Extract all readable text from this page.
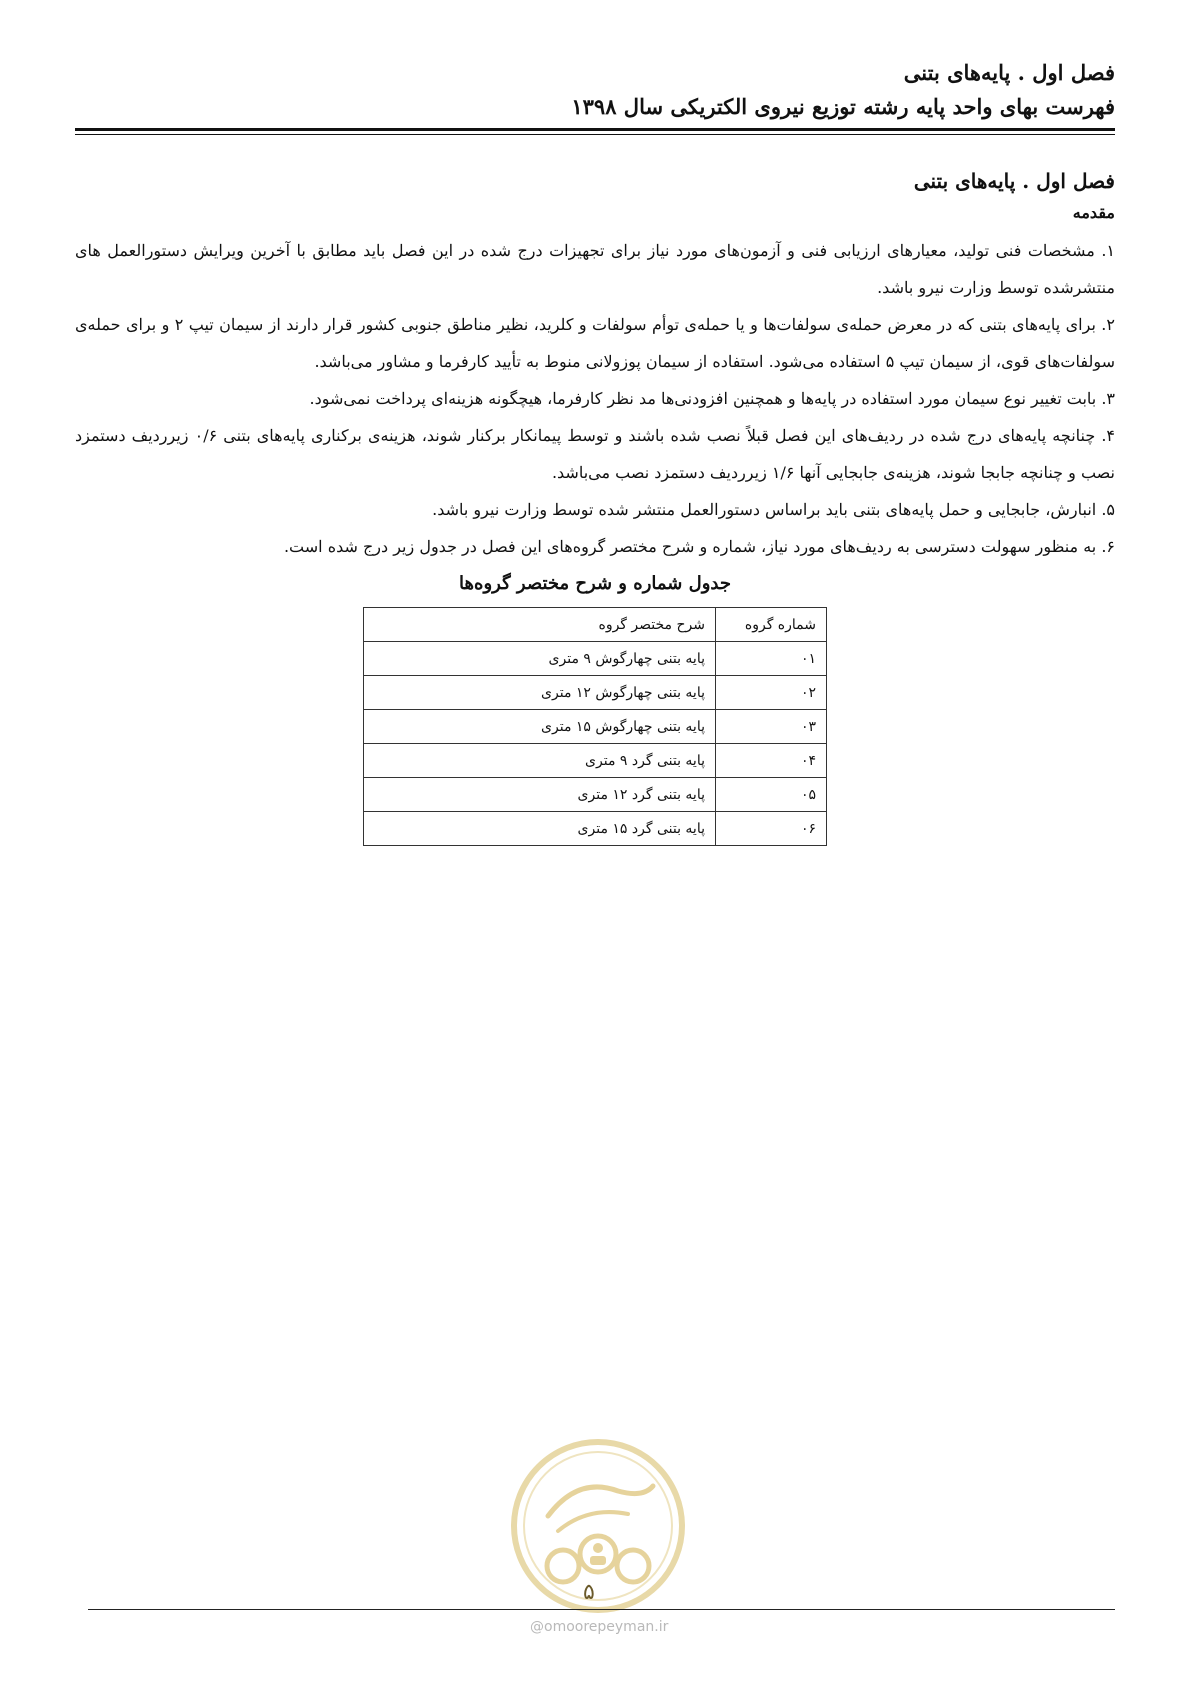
فصل اول . پایه‌های بتنی
فهرست بهای واحد پایه رشته توزیع نیروی الکتریکی سال ۱۳۹۸

فصل اول . پایه‌های بتنی

مقدمه

۱. مشخصات فنی تولید، معیارهای ارزیابی فنی و آزمون‌های مورد نیاز برای تجهیزات درج شده در این فصل باید مطابق با آخرین ویرایش دستورالعمل های منتشرشده توسط وزارت نیرو باشد.

۲. برای پایه‌های بتنی که در معرض حمله‌ی سولفات‌ها و یا حمله‌ی توأم سولفات و کلرید، نظیر مناطق جنوبی کشور قرار دارند از سیمان تیپ ۲ و برای حمله‌ی سولفات‌های قوی، از سیمان تیپ ۵ استفاده می‌شود. استفاده از سیمان پوزولانی منوط به تأیید کارفرما و مشاور می‌باشد.

۳. بابت تغییر نوع سیمان مورد استفاده در پایه‌ها و همچنین افزودنی‌ها مد نظر کارفرما، هیچگونه هزینه‌ای پرداخت نمی‌شود.

۴. چنانچه پایه‌های درج شده در ردیف‌های این فصل قبلاً نصب شده باشند و توسط پیمانکار برکنار شوند، هزینه‌ی برکناری پایه‌های بتنی ۰/۶ زیرردیف دستمزد نصب و چنانچه جابجا شوند، هزینه‌ی جابجایی آنها ۱/۶ زیرردیف دستمزد نصب می‌باشد.

۵. انبارش، جابجایی و حمل پایه‌های بتنی باید براساس دستورالعمل منتشر شده توسط وزارت نیرو باشد.

۶. به منظور سهولت دسترسی به ردیف‌های مورد نیاز، شماره و شرح مختصر گروه‌های این فصل در جدول زیر درج شده است.

جدول شماره و شرح مختصر گروه‌ها
شماره گروه	شرح مختصر گروه
۰۱	پایه بتنی چهارگوش ۹ متری
۰۲	پایه بتنی چهارگوش ۱۲ متری
۰۳	پایه بتنی چهارگوش ۱۵ متری
۰۴	پایه بتنی گرد ۹ متری
۰۵	پایه بتنی گرد ۱۲ متری
۰۶	پایه بتنی گرد ۱۵ متری
۵
@omoorepeyman.ir
